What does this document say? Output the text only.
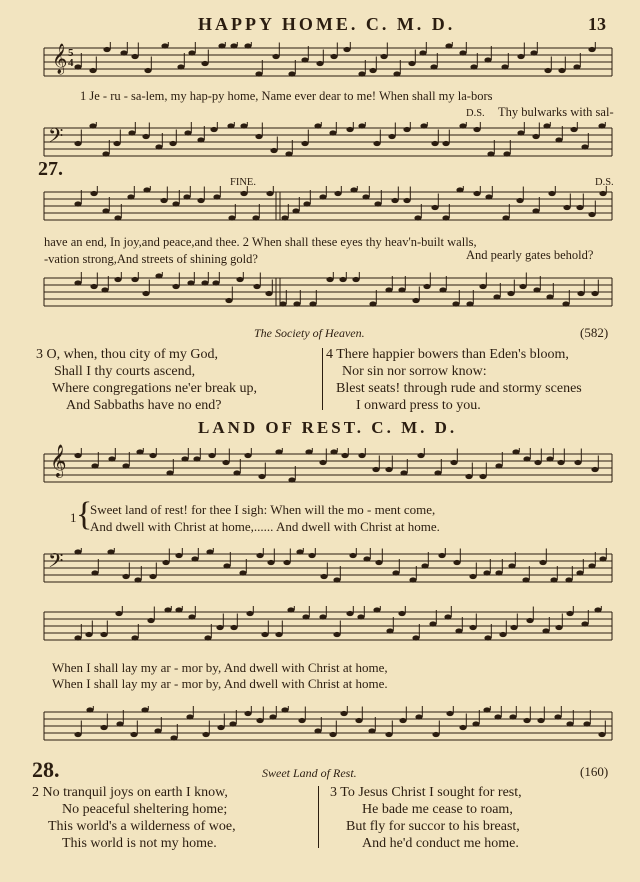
HAPPY HOME. C. M. D.	13
𝄞 5
4
1 Je - ru - sa-lem, my hap-py home, Name ever dear to me! When shall my la-bors
D.S. Thy bulwarks with sal-
𝄢
27.
FINE.	D.S.
have an end, In joy,and peace,and thee. 2 When shall these eyes thy heav'n-built walls,
-vation strong,And streets of shining gold?	And pearly gates behold?
The Society of Heaven.	(582)
3 O, when, thou city of my God,
Shall I thy courts ascend,
Where congregations ne'er break up,
And Sabbaths have no end?
4 There happier bowers than Eden's bloom,
Nor sin nor sorrow know:
Blest seats! through rude and stormy scenes
I onward press to you.
LAND OF REST. C. M. D.
𝄞
1 {
Sweet land of rest! for thee I sigh: When will the mo - ment come,
And dwell with Christ at home,...... And dwell with Christ at home.
𝄢
When I shall lay my ar - mor by, And dwell with Christ at home,
When I shall lay my ar - mor by, And dwell with Christ at home.
28.	Sweet Land of Rest.	(160)
2 No tranquil joys on earth I know,
No peaceful sheltering home;
This world's a wilderness of woe,
This world is not my home.
3 To Jesus Christ I sought for rest,
He bade me cease to roam,
But fly for succor to his breast,
And he'd conduct me home.
